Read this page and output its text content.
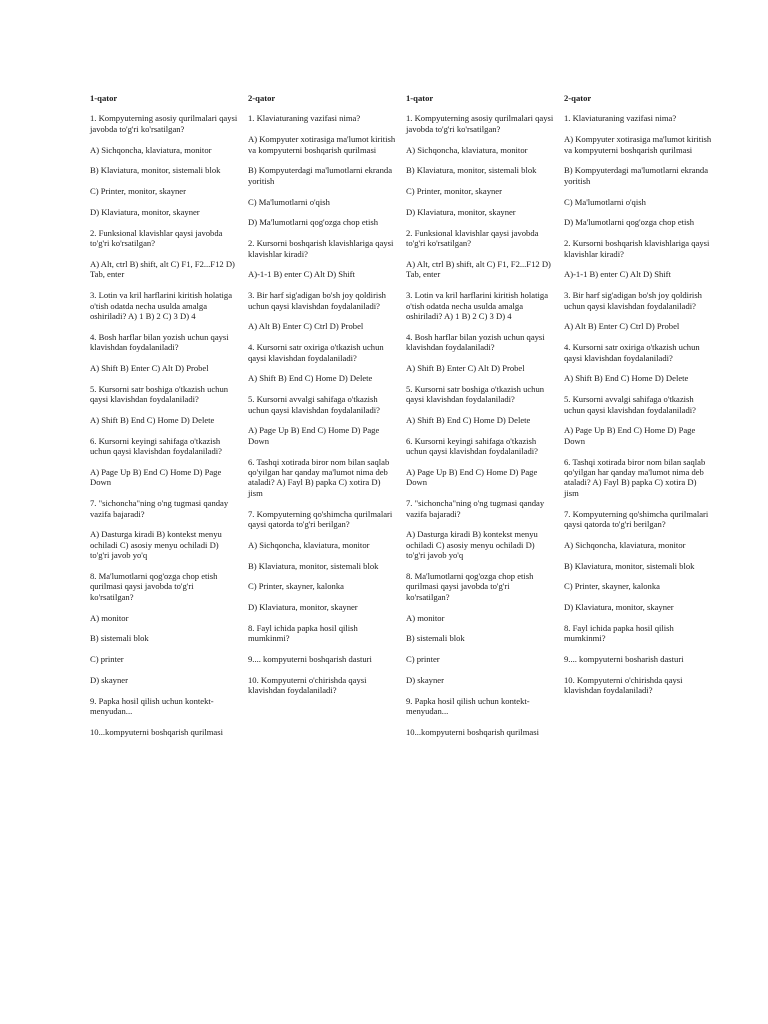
1-qator
1. Kompyuterning asosiy qurilmalari qaysi javobda to'g'ri ko'rsatilgan?
A) Sichqoncha, klaviatura, monitor
B) Klaviatura, monitor, sistemali blok
C) Printer, monitor, skayner
D) Klaviatura, monitor, skayner
2. Funksional klavishlar qaysi javobda to'g'ri ko'rsatilgan?
A) Alt, ctrl B) shift, alt C) F1, F2...F12 D) Tab, enter
3. Lotin va kril harflarini kiritish holatiga o'tish odatda necha usulda amalga oshiriladi? A) 1 B) 2 C) 3 D) 4
4. Bosh harflar bilan yozish uchun qaysi klavishdan foydalaniladi?
A) Shift B) Enter C) Alt D) Probel
5. Kursorni satr boshiga o'tkazish uchun qaysi klavishdan foydalaniladi?
A) Shift B) End C) Home D) Delete
6. Kursorni keyingi sahifaga o'tkazish uchun qaysi klavishdan foydalaniladi?
A) Page Up B) End C) Home D) Page Down
7. "sichoncha"ning o'ng tugmasi qanday vazifa bajaradi?
A) Dasturga kiradi B) kontekst menyu ochiladi C) asosiy menyu ochiladi D) to'g'ri javob yo'q
8. Ma'lumotlarni qog'ozga chop etish qurilmasi qaysi javobda to'g'ri ko'rsatilgan?
A) monitor
B) sistemali blok
C) printer
D) skayner
9. Papka hosil qilish uchun kontekt-menyudan...
10...kompyuterni boshqarish qurilmasi
2-qator
1. Klaviaturaning vazifasi nima?
A) Kompyuter xotirasiga ma'lumot kiritish va kompyuterni boshqarish qurilmasi
B) Kompyuterdagi ma'lumotlarni ekranda yoritish
C) Ma'lumotlarni o'qish
D) Ma'lumotlarni qog'ozga chop etish
2. Kursorni boshqarish klavishlariga qaysi klavishlar kiradi?
A)-1-1 B) enter C) Alt D) Shift
3. Bir harf sig'adigan bo'sh joy qoldirish uchun qaysi klavishdan foydalaniladi?
A) Alt B) Enter C) Ctrl D) Probel
4. Kursorni satr oxiriga o'tkazish uchun qaysi klavishdan foydalaniladi?
A) Shift B) End C) Home D) Delete
5. Kursorni avvalgi sahifaga o'tkazish uchun qaysi klavishdan foydalaniladi?
A) Page Up B) End C) Home D) Page Down
6. Tashqi xotirada biror nom bilan saqlab qo'yilgan har qanday ma'lumot nima deb ataladi? A) Fayl B) papka C) xotira D) jism
7. Kompyuterning qo'shimcha qurilmalari qaysi qatorda to'g'ri berilgan?
A) Sichqoncha, klaviatura, monitor
B) Klaviatura, monitor, sistemali blok
C) Printer, skayner, kalonka
D) Klaviatura, monitor, skayner
8. Fayl ichida papka hosil qilish mumkinmi?
9.... kompyuterni boshqarish dasturi
10. Kompyuterni o'chirishda qaysi klavishdan foydalaniladi?
1-qator
1. Kompyuterning asosiy qurilmalari qaysi javobda to'g'ri ko'rsatilgan?
A) Sichqoncha, klaviatura, monitor
B) Klaviatura, monitor, sistemali blok
C) Printer, monitor, skayner
D) Klaviatura, monitor, skayner
2. Funksional klavishlar qaysi javobda to'g'ri ko'rsatilgan?
A) Alt, ctrl B) shift, alt C) F1, F2...F12 D) Tab, enter
3. Lotin va kril harflarini kiritish holatiga o'tish odatda necha usulda amalga oshiriladi? A) 1 B) 2 C) 3 D) 4
4. Bosh harflar bilan yozish uchun qaysi klavishdan foydalaniladi?
A) Shift B) Enter C) Alt D) Probel
5. Kursorni satr boshiga o'tkazish uchun qaysi klavishdan foydalaniladi?
A) Shift B) End C) Home D) Delete
6. Kursorni keyingi sahifaga o'tkazish uchun qaysi klavishdan foydalaniladi?
A) Page Up B) End C) Home D) Page Down
7. "sichoncha"ning o'ng tugmasi qanday vazifa bajaradi?
A) Dasturga kiradi B) kontekst menyu ochiladi C) asosiy menyu ochiladi D) to'g'ri javob yo'q
8. Ma'lumotlarni qog'ozga chop etish qurilmasi qaysi javobda to'g'ri ko'rsatilgan?
A) monitor
B) sistemali blok
C) printer
D) skayner
9. Papka hosil qilish uchun kontekt-menyudan...
10...kompyuterni boshqarish qurilmasi
2-qator
1. Klaviaturaning vazifasi nima?
A) Kompyuter xotirasiga ma'lumot kiritish va kompyuterni boshqarish qurilmasi
B) Kompyuterdagi ma'lumotlarni ekranda yoritish
C) Ma'lumotlarni o'qish
D) Ma'lumotlarni qog'ozga chop etish
2. Kursorni boshqarish klavishlariga qaysi klavishlar kiradi?
A)-1-1 B) enter C) Alt D) Shift
3. Bir harf sig'adigan bo'sh joy qoldirish uchun qaysi klavishdan foydalaniladi?
A) Alt B) Enter C) Ctrl D) Probel
4. Kursorni satr oxiriga o'tkazish uchun qaysi klavishdan foydalaniladi?
A) Shift B) End C) Home D) Delete
5. Kursorni avvalgi sahifaga o'tkazish uchun qaysi klavishdan foydalaniladi?
A) Page Up B) End C) Home D) Page Down
6. Tashqi xotirada biror nom bilan saqlab qo'yilgan har qanday ma'lumot nima deb ataladi? A) Fayl B) papka C) xotira D) jism
7. Kompyuterning qo'shimcha qurilmalari qaysi qatorda to'g'ri berilgan?
A) Sichqoncha, klaviatura, monitor
B) Klaviatura, monitor, sistemali blok
C) Printer, skayner, kalonka
D) Klaviatura, monitor, skayner
8. Fayl ichida papka hosil qilish mumkinmi?
9.... kompyuterni bosharish dasturi
10. Kompyuterni o'chirishda qaysi klavishdan foydalaniladi?
